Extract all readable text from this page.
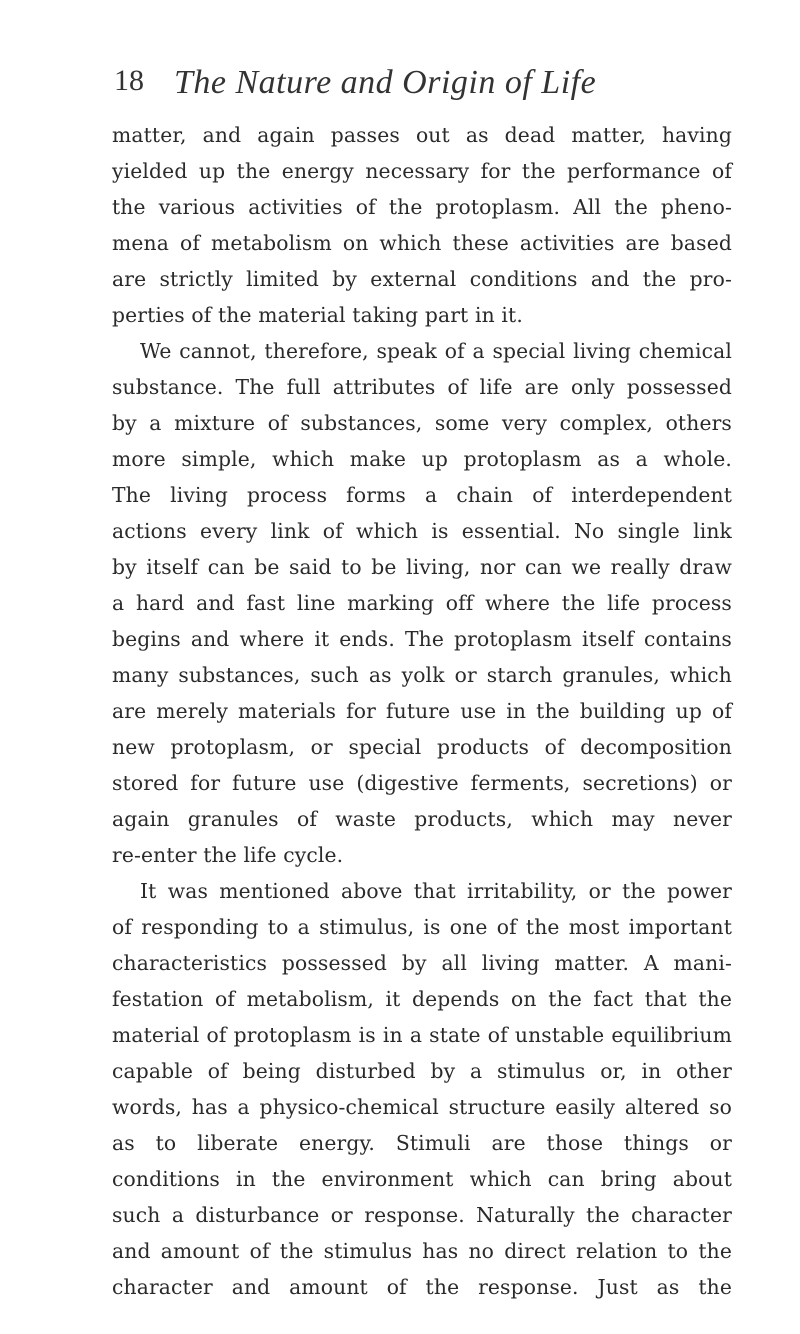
18 The Nature and Origin of Life
matter, and again passes out as dead matter, having
yielded up the energy necessary for the performance of
the various activities of the protoplasm. All the pheno-
mena of metabolism on which these activities are based
are strictly limited by external conditions and the pro-
perties of the material taking part in it.
We cannot, therefore, speak of a special living chemical
substance. The full attributes of life are only possessed
by a mixture of substances, some very complex, others
more simple, which make up protoplasm as a whole.
The living process forms a chain of interdependent
actions every link of which is essential. No single link
by itself can be said to be living, nor can we really draw
a hard and fast line marking off where the life process
begins and where it ends. The protoplasm itself contains
many substances, such as yolk or starch granules, which
are merely materials for future use in the building up of
new protoplasm, or special products of decomposition
stored for future use (digestive ferments, secretions) or
again granules of waste products, which may never
re-enter the life cycle.
It was mentioned above that irritability, or the power
of responding to a stimulus, is one of the most important
characteristics possessed by all living matter. A mani-
festation of metabolism, it depends on the fact that the
material of protoplasm is in a state of unstable equilibrium
capable of being disturbed by a stimulus or, in other
words, has a physico-chemical structure easily altered so
as to liberate energy. Stimuli are those things or
conditions in the environment which can bring about
such a disturbance or response. Naturally the character
and amount of the stimulus has no direct relation to the
character and amount of the response. Just as the
